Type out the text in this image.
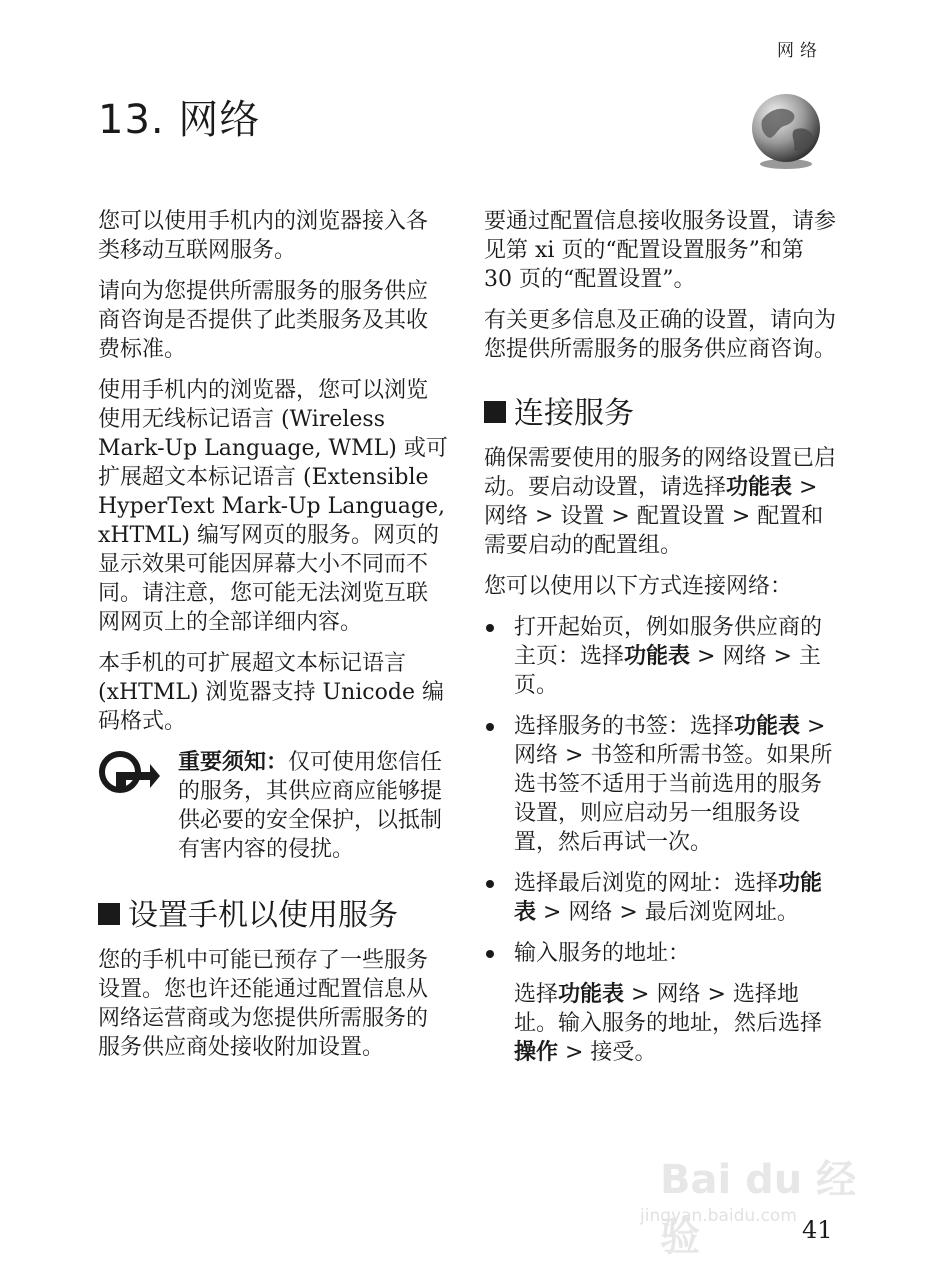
网络
13. 网络

您可以使用手机内的浏览器接入各类移动互联网服务。

请向为您提供所需服务的服务供应商咨询是否提供了此类服务及其收费标准。

使用手机内的浏览器，您可以浏览使用无线标记语言 (Wireless Mark-Up Language, WML) 或可扩展超文本标记语言 (Extensible HyperText Mark-Up Language, xHTML) 编写网页的服务。网页的显示效果可能因屏幕大小不同而不同。请注意，您可能无法浏览互联网网页上的全部详细内容。

本手机的可扩展超文本标记语言 (xHTML) 浏览器支持 Unicode 编码格式。

重要须知：仅可使用您信任的服务，其供应商应能够提供必要的安全保护，以抵制有害内容的侵扰。
设置手机以使用服务

您的手机中可能已预存了一些服务设置。您也许还能通过配置信息从网络运营商或为您提供所需服务的服务供应商处接收附加设置。

要通过配置信息接收服务设置，请参见第 xi 页的“配置设置服务”和第 30 页的“配置设置”。

有关更多信息及正确的设置，请向为您提供所需服务的服务供应商咨询。

连接服务

确保需要使用的服务的网络设置已启动。要启动设置，请选择功能表 > 网络 > 设置 > 配置设置 > 配置和需要启动的配置组。

您可以使用以下方式连接网络：

打开起始页，例如服务供应商的主页：选择功能表 > 网络 > 主页。
选择服务的书签：选择功能表 > 网络 > 书签和所需书签。如果所选书签不适用于当前选用的服务设置，则应启动另一组服务设置，然后再试一次。
选择最后浏览的网址：选择功能表 > 网络 > 最后浏览网址。
输入服务的地址：

选择功能表 > 网络 > 选择地址。输入服务的地址，然后选择操作 > 接受。

Bai du 经验
jingyan.baidu.com 41
